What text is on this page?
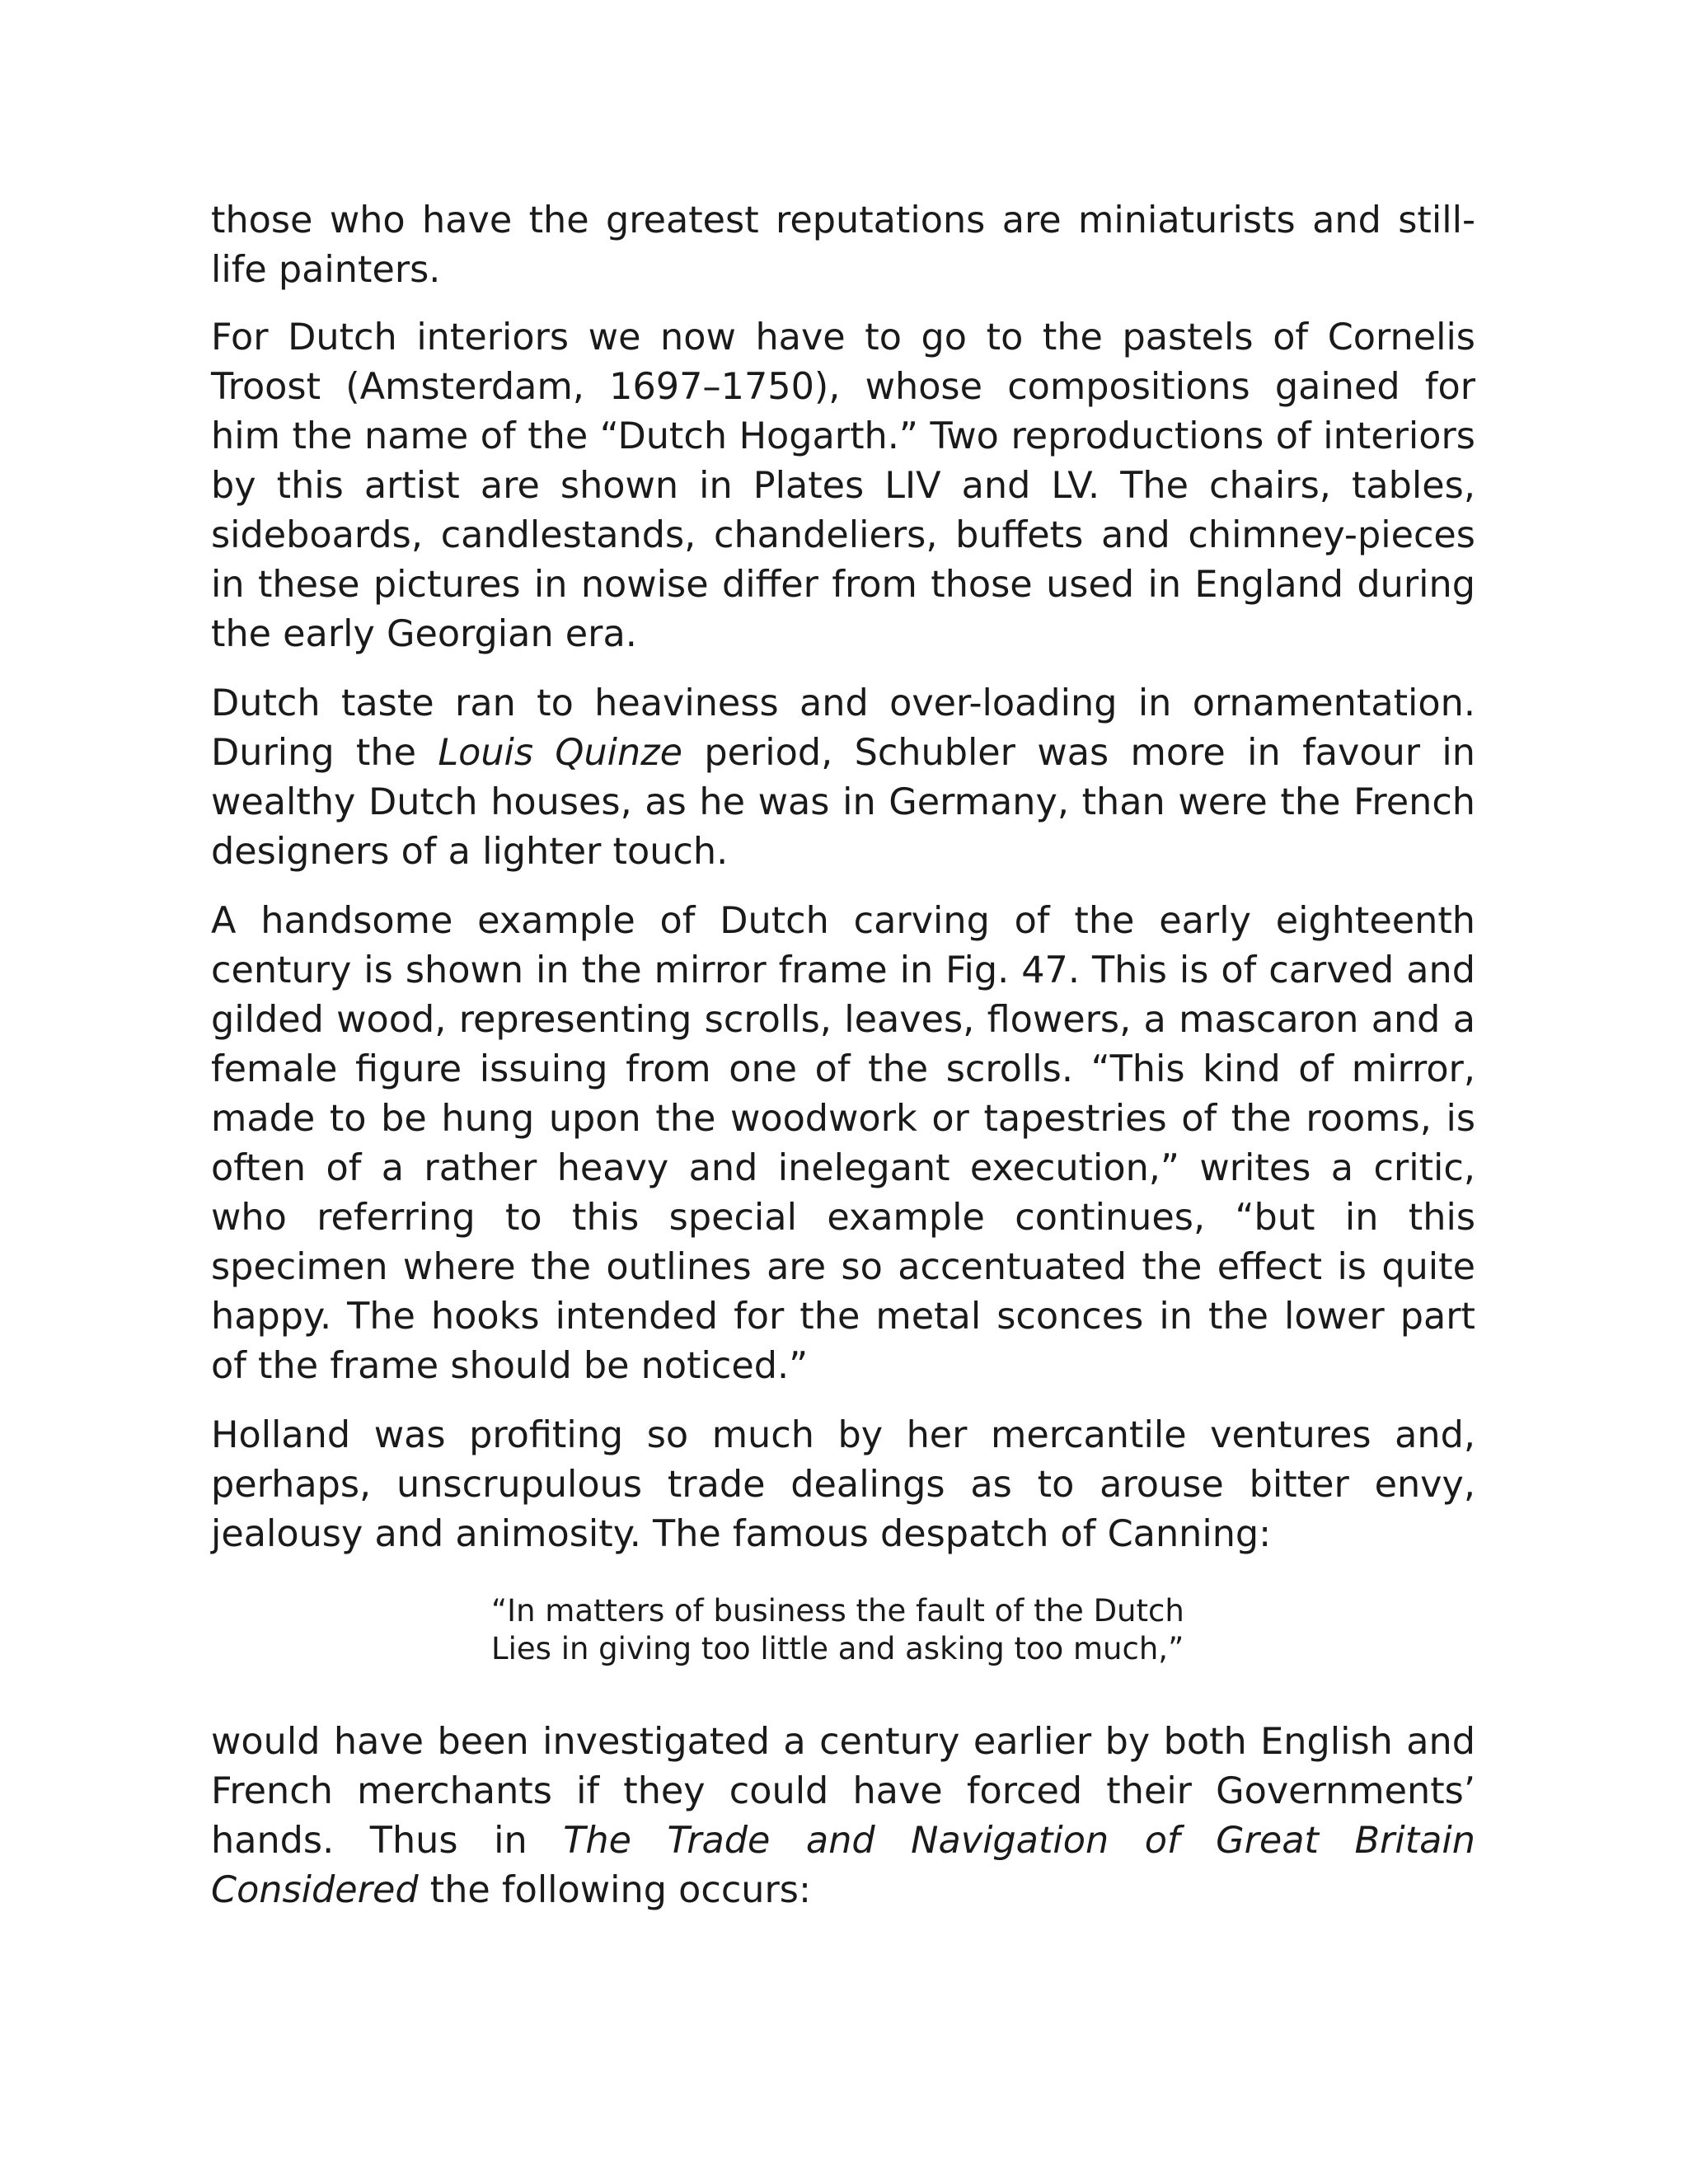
those who have the greatest reputations are miniaturists and still-life painters.

For Dutch interiors we now have to go to the pastels of Cornelis Troost (Amsterdam, 1697–1750), whose compositions gained for him the name of the “Dutch Hogarth.” Two reproductions of interiors by this artist are shown in Plates LIV and LV. The chairs, tables, sideboards, candlestands, chandeliers, buffets and chimney-pieces in these pictures in nowise differ from those used in England during the early Georgian era.

Dutch taste ran to heaviness and over-loading in ornamentation. During the Louis Quinze period, Schubler was more in favour in wealthy Dutch houses, as he was in Germany, than were the French designers of a lighter touch.

A handsome example of Dutch carving of the early eighteenth century is shown in the mirror frame in Fig. 47. This is of carved and gilded wood, representing scrolls, leaves, flowers, a mascaron and a female figure issuing from one of the scrolls. “This kind of mirror, made to be hung upon the woodwork or tapestries of the rooms, is often of a rather heavy and inelegant execution,” writes a critic, who referring to this special example continues, “but in this specimen where the outlines are so accentuated the effect is quite happy. The hooks intended for the metal sconces in the lower part of the frame should be noticed.”

Holland was profiting so much by her mercantile ventures and, perhaps, unscrupulous trade dealings as to arouse bitter envy, jealousy and animosity. The famous despatch of Canning:

“In matters of business the fault of the Dutch
Lies in giving too little and asking too much,”

would have been investigated a century earlier by both English and French merchants if they could have forced their Governments’ hands. Thus in The Trade and Navigation of Great Britain Considered the following occurs:
